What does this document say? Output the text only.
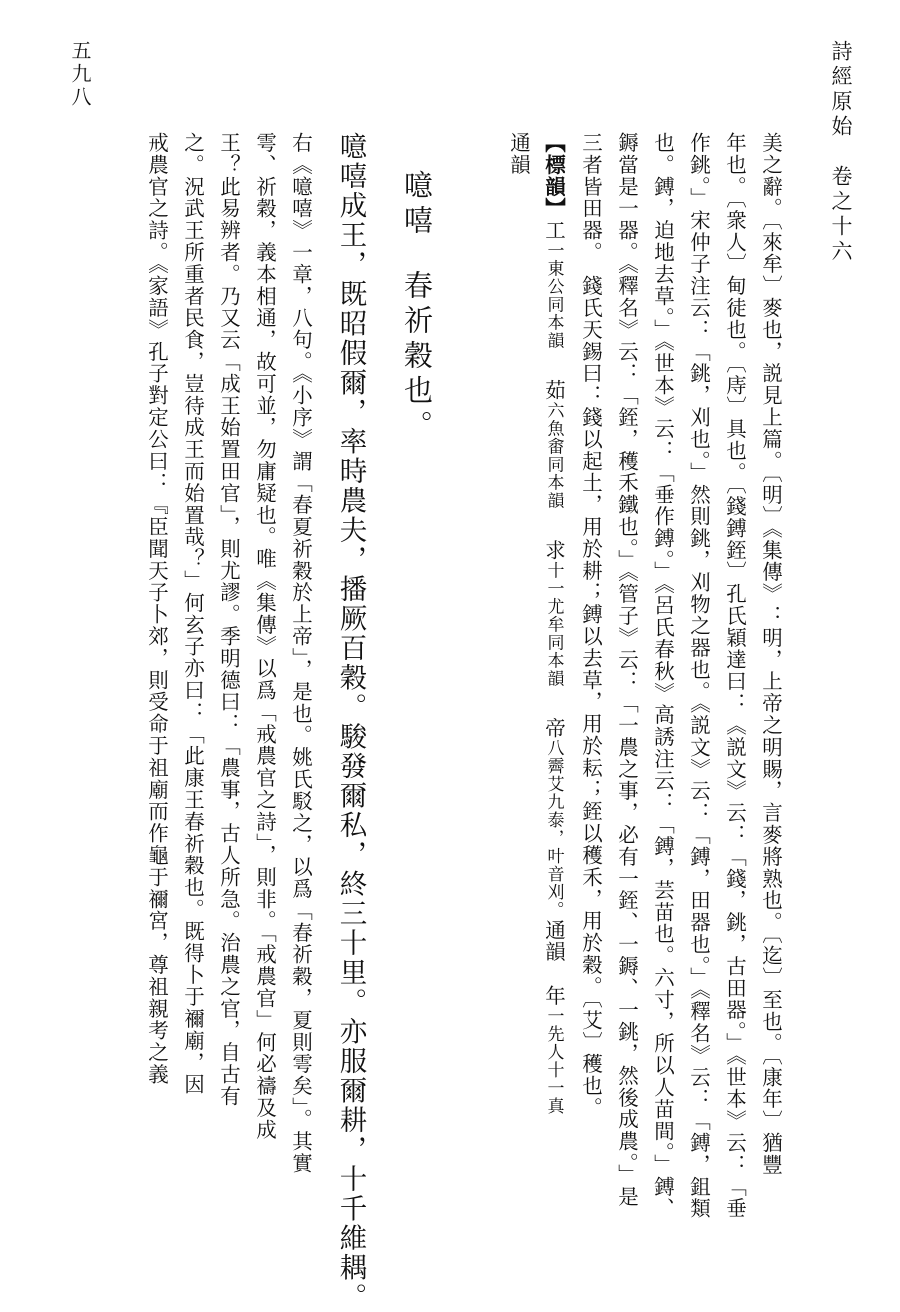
詩經原始　卷之十六
五九八
美之辭。〔來牟〕麥也，説見上篇。〔明〕《集傳》：明，上帝之明賜，言麥將熟也。〔迄〕至也。〔康年〕猶豐
年也。〔衆人〕甸徒也。〔庤〕具也。〔錢鎛銍〕孔氏穎達曰：《説文》云：「錢，銚，古田器。」《世本》云：「垂
作銚。」宋仲子注云：「銚，刈也。」然則銚，刈物之器也。《説文》云：「鎛，田器也。」《釋名》云：「鎛，鉏類
也。鎛，迫地去草。」《世本》云：「垂作鎛。」《呂氏春秋》高誘注云：「鎛，芸苗也。六寸，所以人苗間。」鎛、
鎒當是一器。《釋名》云：「銍，穫禾鐵也。」《管子》云：「一農之事，必有一銍、一鎒、一銚，然後成農。」是
三者皆田器。　錢氏天錫曰：錢以起土，用於耕；鎛以去草，用於耘；銍以穫禾，用於穀。〔艾〕穫也。
【標韻】工一東公同本韻茹六魚畬同本韻求十一尤牟同本韻帝八霽艾九泰，叶音刈。通韻　年一先人十一真
通韻
噫嘻春祈穀也。
噫嘻成王，既昭假爾，率時農夫，播厥百穀。駿發爾私，終三十里。亦服爾耕，十千維耦。
右《噫嘻》一章，八句。《小序》謂「春夏祈穀於上帝」，是也。姚氏駁之，以爲「春祈穀，夏則雩矣」。其實
雩、祈穀，義本相通，故可並，勿庸疑也。唯《集傳》以爲「戒農官之詩」，則非。「戒農官」何必禱及成
王？此易辨者。乃又云「成王始置田官」，則尤謬。季明德曰：「農事，古人所急。治農之官，自古有
之。況武王所重者民食，豈待成王而始置哉？」何玄子亦曰：「此康王春祈穀也。既得卜于禰廟，因
戒農官之詩。《家語》孔子對定公曰：『臣聞天子卜郊，則受命于祖廟而作龜于禰宮，尊祖親考之義
